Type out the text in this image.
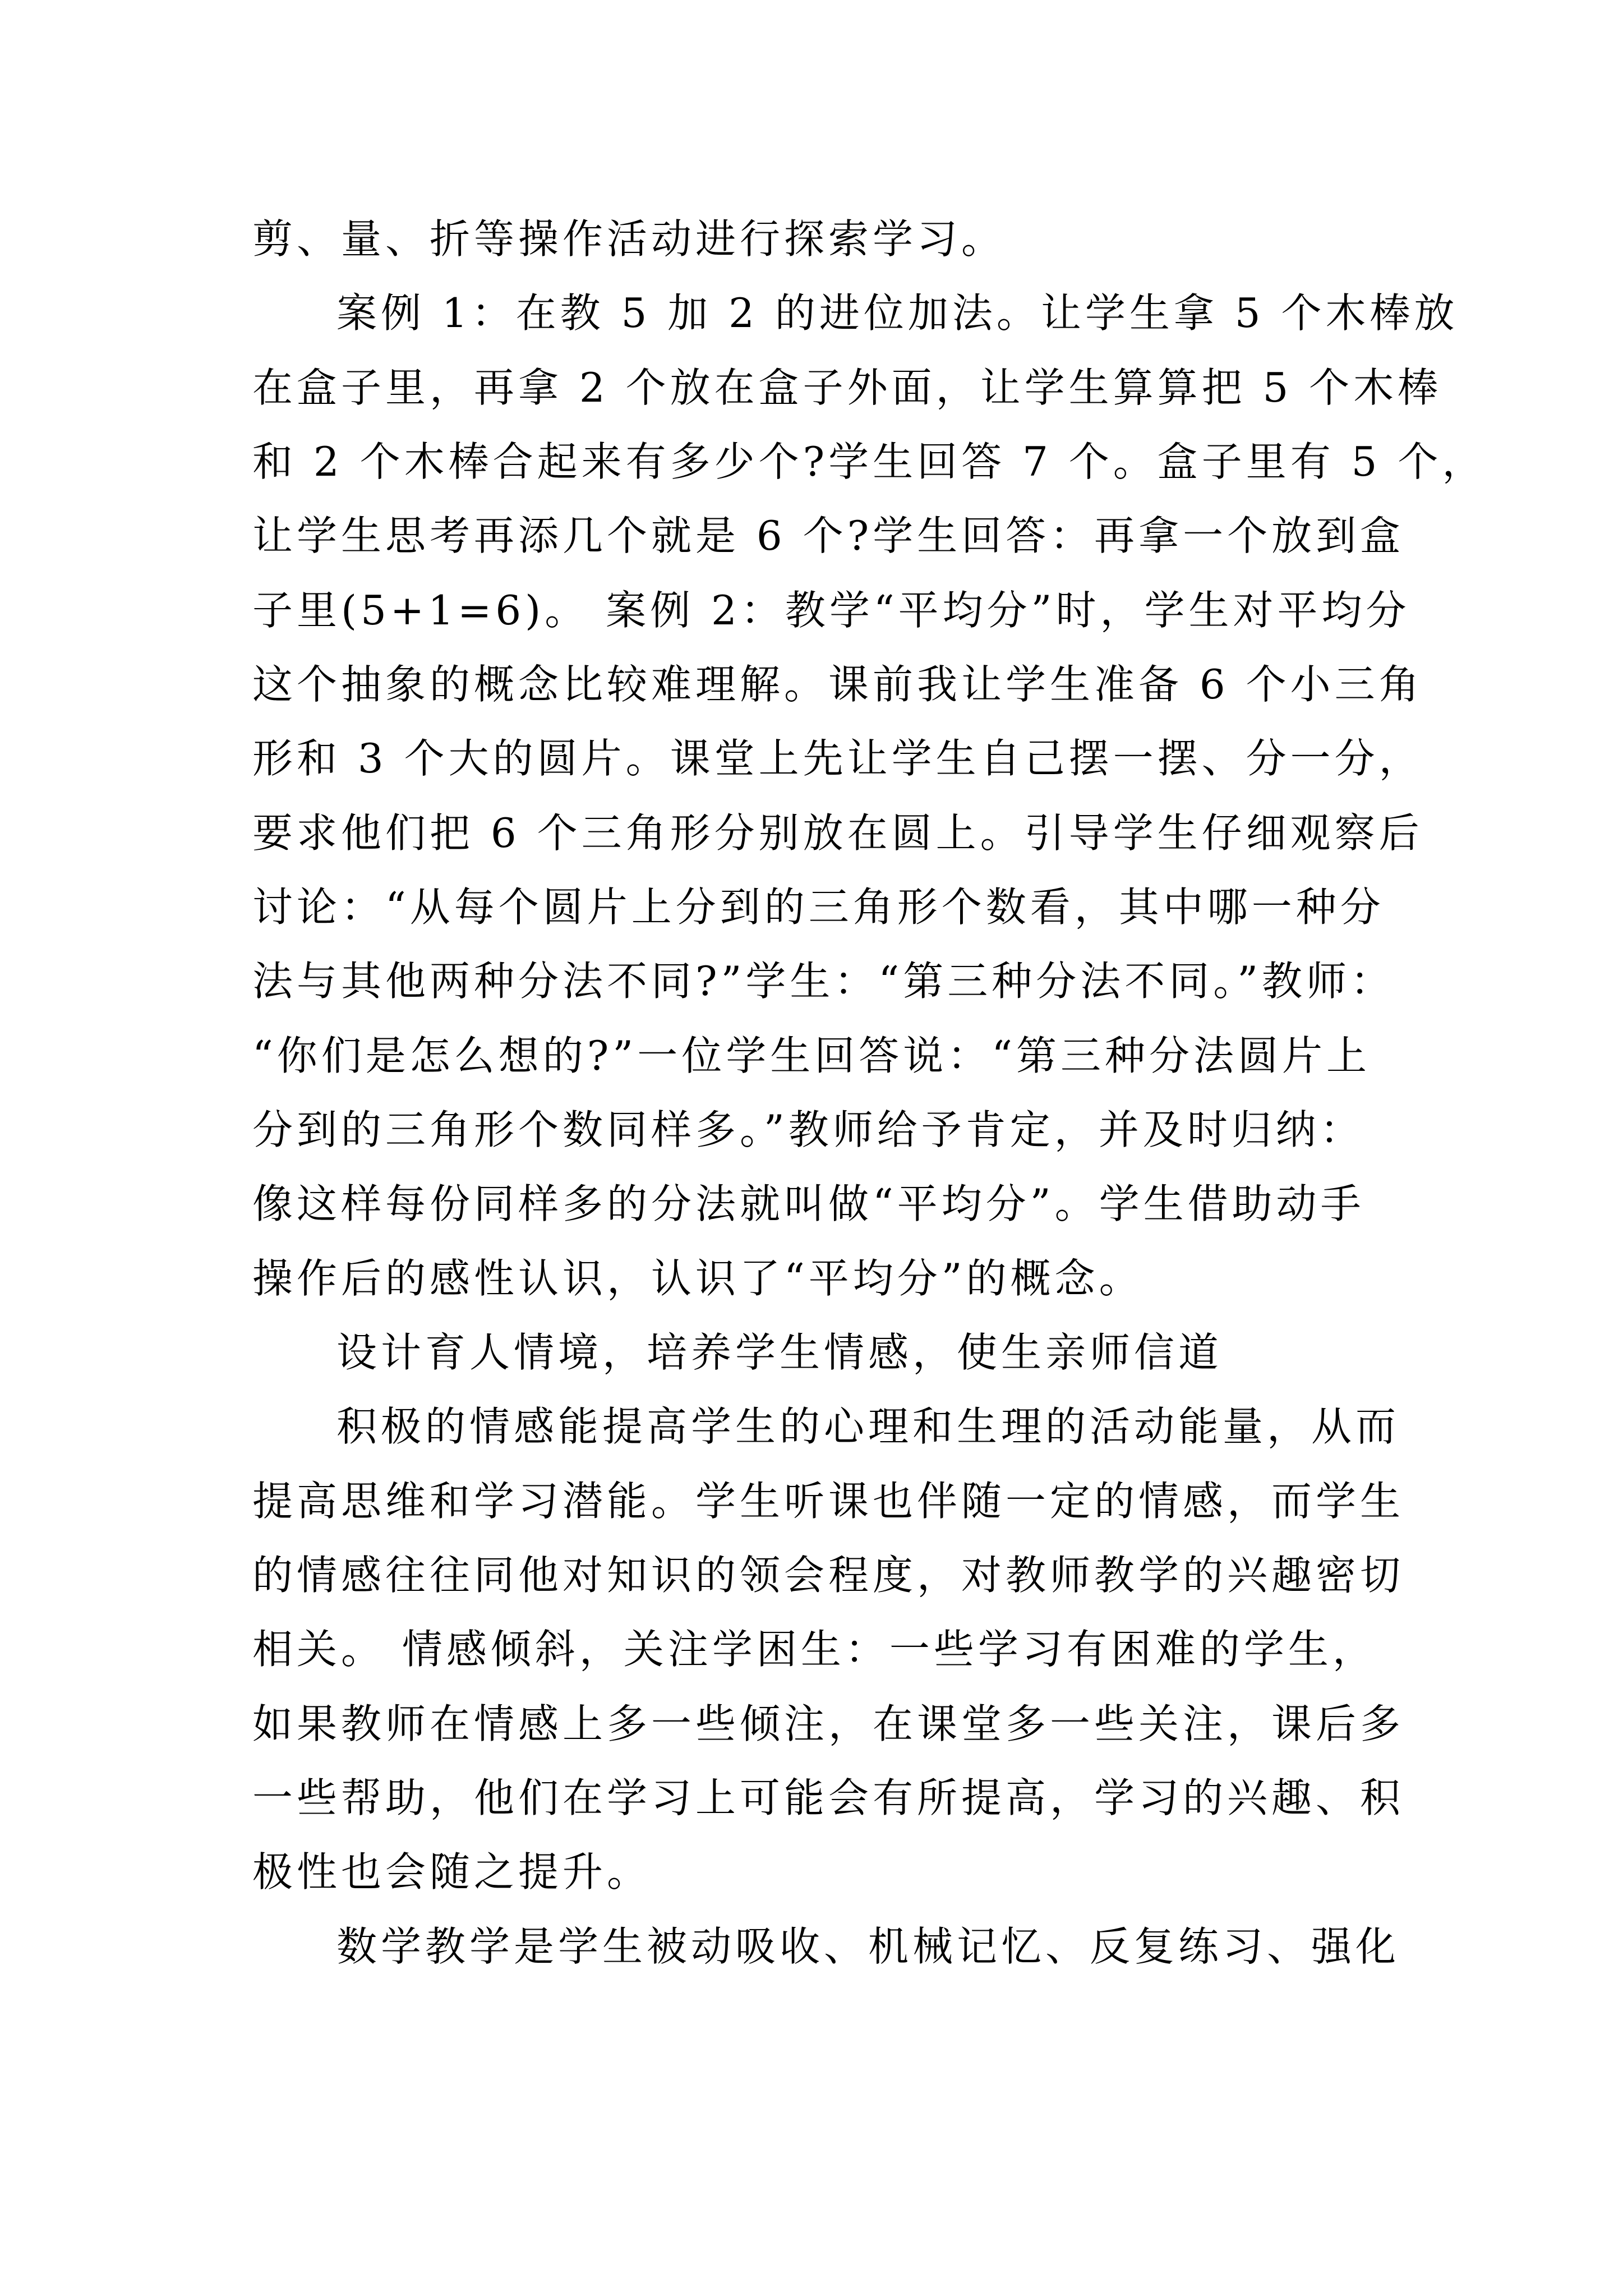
剪、量、折等操作活动进行探索学习。

案例 1：在教 5 加 2 的进位加法。让学生拿 5 个木棒放

在盒子里，再拿 2 个放在盒子外面，让学生算算把 5 个木棒

和 2 个木棒合起来有多少个?学生回答 7 个。盒子里有 5 个，

让学生思考再添几个就是 6 个?学生回答：再拿一个放到盒

子里(5+1=6)。 案例 2：教学“平均分”时，学生对平均分

这个抽象的概念比较难理解。课前我让学生准备 6 个小三角

形和 3 个大的圆片。课堂上先让学生自己摆一摆、分一分，

要求他们把 6 个三角形分别放在圆上。引导学生仔细观察后

讨论：“从每个圆片上分到的三角形个数看，其中哪一种分

法与其他两种分法不同?”学生：“第三种分法不同。”教师：

“你们是怎么想的?”一位学生回答说：“第三种分法圆片上

分到的三角形个数同样多。”教师给予肯定，并及时归纳：

像这样每份同样多的分法就叫做“平均分”。学生借助动手

操作后的感性认识，认识了“平均分”的概念。

设计育人情境，培养学生情感，使生亲师信道

积极的情感能提高学生的心理和生理的活动能量，从而

提高思维和学习潜能。学生听课也伴随一定的情感，而学生

的情感往往同他对知识的领会程度，对教师教学的兴趣密切

相关。 情感倾斜，关注学困生：一些学习有困难的学生，

如果教师在情感上多一些倾注，在课堂多一些关注，课后多

一些帮助，他们在学习上可能会有所提高，学习的兴趣、积

极性也会随之提升。

数学教学是学生被动吸收、机械记忆、反复练习、强化
